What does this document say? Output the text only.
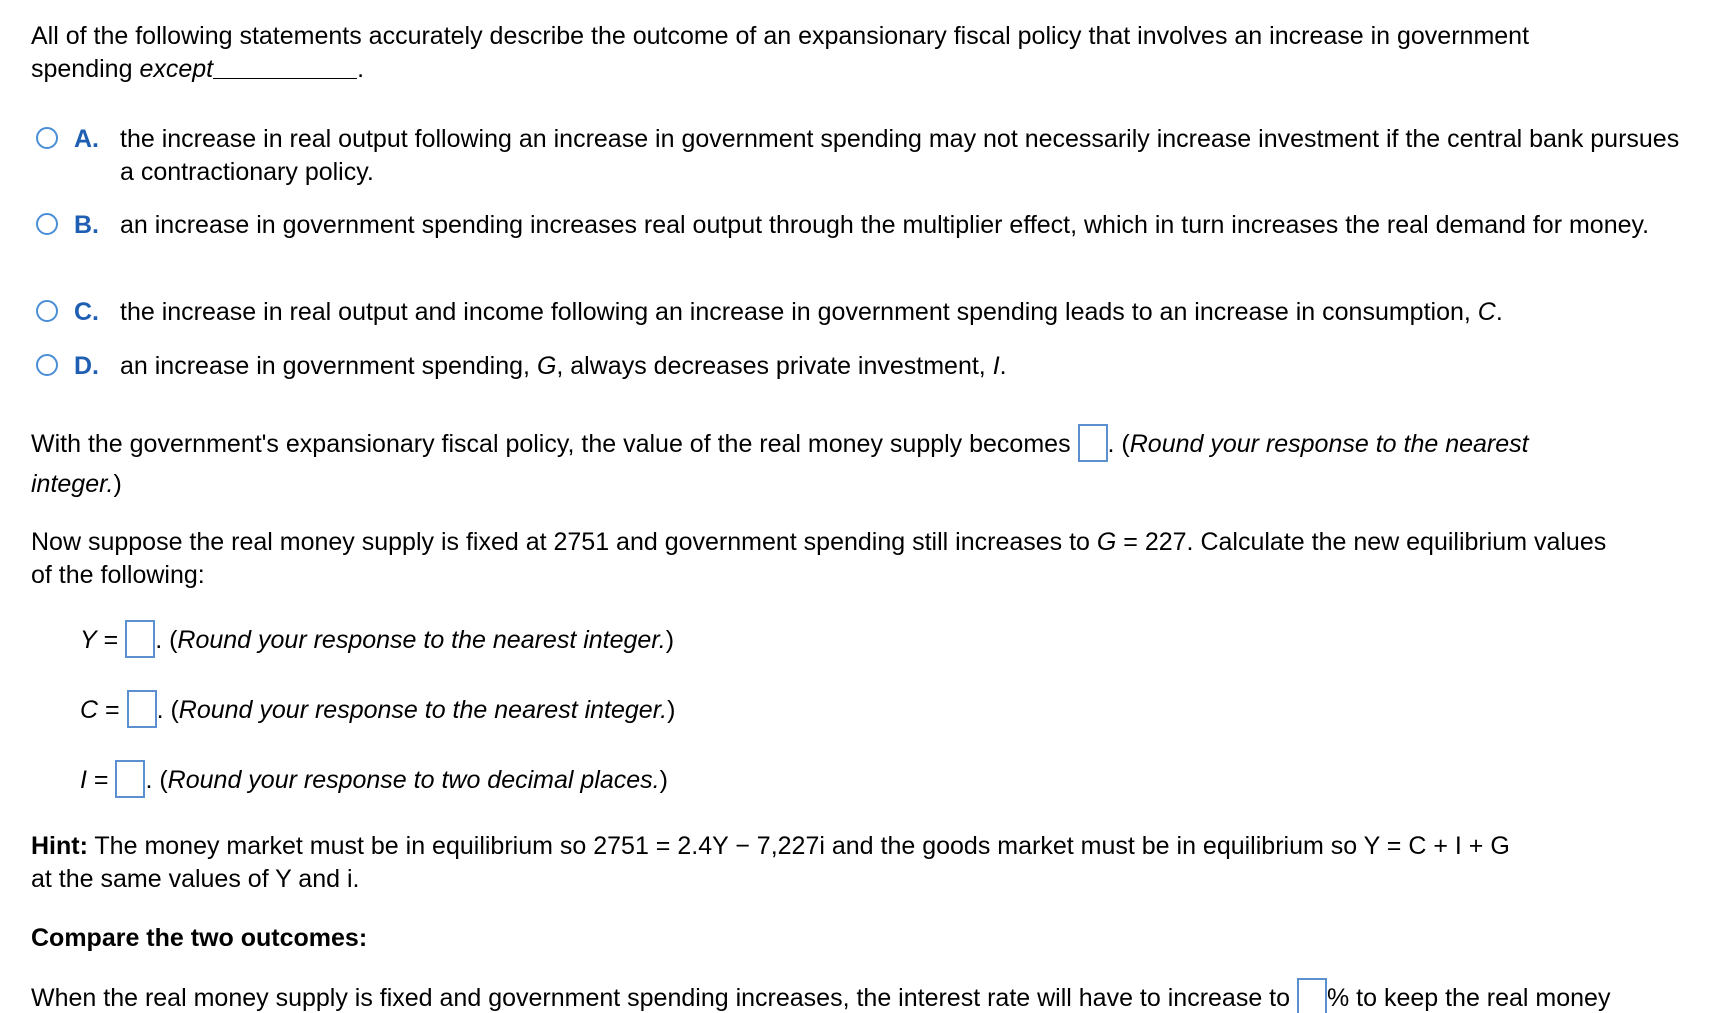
All of the following statements accurately describe the outcome of an expansionary fiscal policy that involves an increase in government
spending except	.
A. the increase in real output following an increase in government spending may not necessarily increase investment if the central bank pursues a contractionary policy.
B. an increase in government spending increases real output through the multiplier effect, which in turn increases the real demand for money.
C. the increase in real output and income following an increase in government spending leads to an increase in consumption, C.
D. an increase in government spending, G, always decreases private investment, I.
With the government's expansionary fiscal policy, the value of the real money supply becomes . (Round your response to the nearest
integer.)
Now suppose the real money supply is fixed at 2751 and government spending still increases to G = 227. Calculate the new equilibrium values
of the following:
Y = . (Round your response to the nearest integer.)
C = . (Round your response to the nearest integer.)
I = . (Round your response to two decimal places.)
Hint: The money market must be in equilibrium so 2751 = 2.4Y − 7,227i and the goods market must be in equilibrium so Y = C + I + G
at the same values of Y and i.
Compare the two outcomes:
When the real money supply is fixed and government spending increases, the interest rate will have to increase to % to keep the real money
